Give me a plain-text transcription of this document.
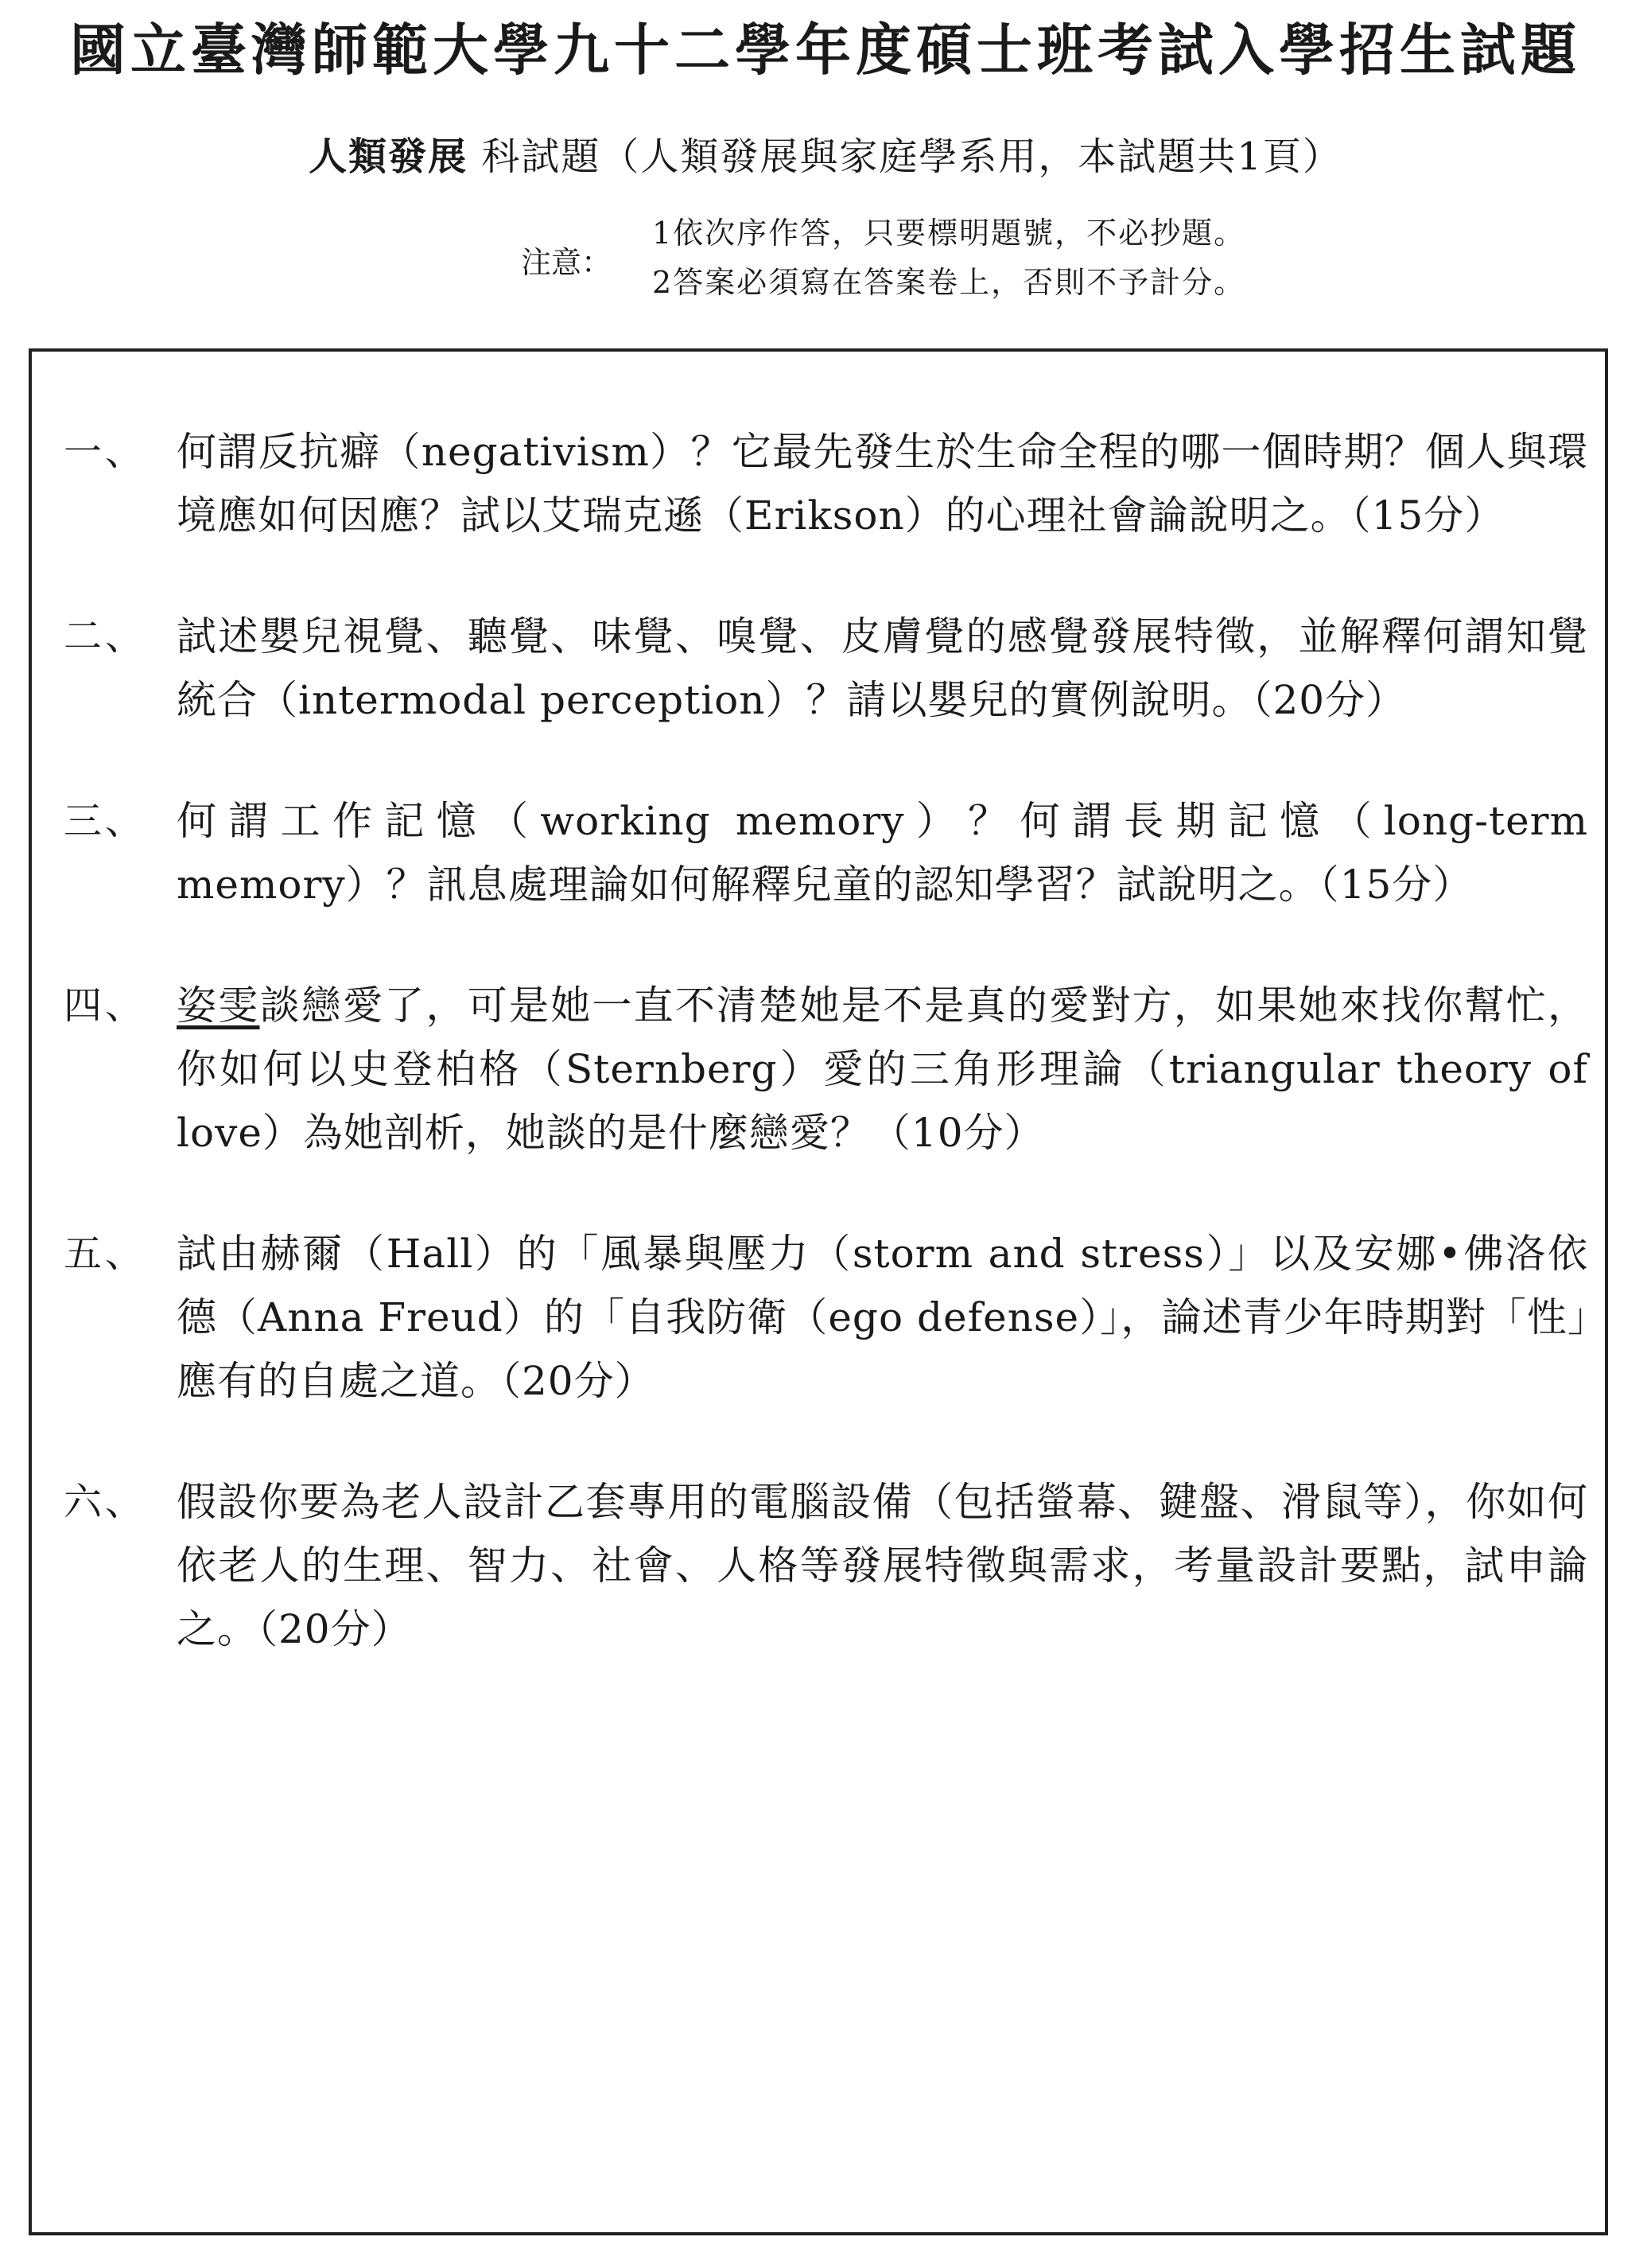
國立臺灣師範大學九十二學年度碩士班考試入學招生試題
人類發展 科試題（人類發展與家庭學系用，本試題共1頁）
注意：
1依次序作答，只要標明題號，不必抄題。
2答案必須寫在答案卷上，否則不予計分。
一、 何謂反抗癖（negativism）？它最先發生於生命全程的哪一個時期？個人與環境應如何因應？試以艾瑞克遜（Erikson）的心理社會論說明之。（15分）
二、 試述嬰兒視覺、聽覺、味覺、嗅覺、皮膚覺的感覺發展特徵，並解釋何謂知覺統合（intermodal perception）？請以嬰兒的實例說明。（20分）
三、 何謂工作記憶（working memory）？何謂長期記憶（long-term memory）？訊息處理論如何解釋兒童的認知學習？試說明之。（15分）
四、 姿雯談戀愛了，可是她一直不清楚她是不是真的愛對方，如果她來找你幫忙，你如何以史登柏格（Sternberg）愛的三角形理論（triangular theory of love）為她剖析，她談的是什麼戀愛？（10分）
五、 試由赫爾（Hall）的「風暴與壓力（storm and stress）」以及安娜•佛洛依德（Anna Freud）的「自我防衛（ego defense）」，論述青少年時期對「性」應有的自處之道。（20分）
六、 假設你要為老人設計乙套專用的電腦設備（包括螢幕、鍵盤、滑鼠等），你如何依老人的生理、智力、社會、人格等發展特徵與需求，考量設計要點，試申論之。（20分）
